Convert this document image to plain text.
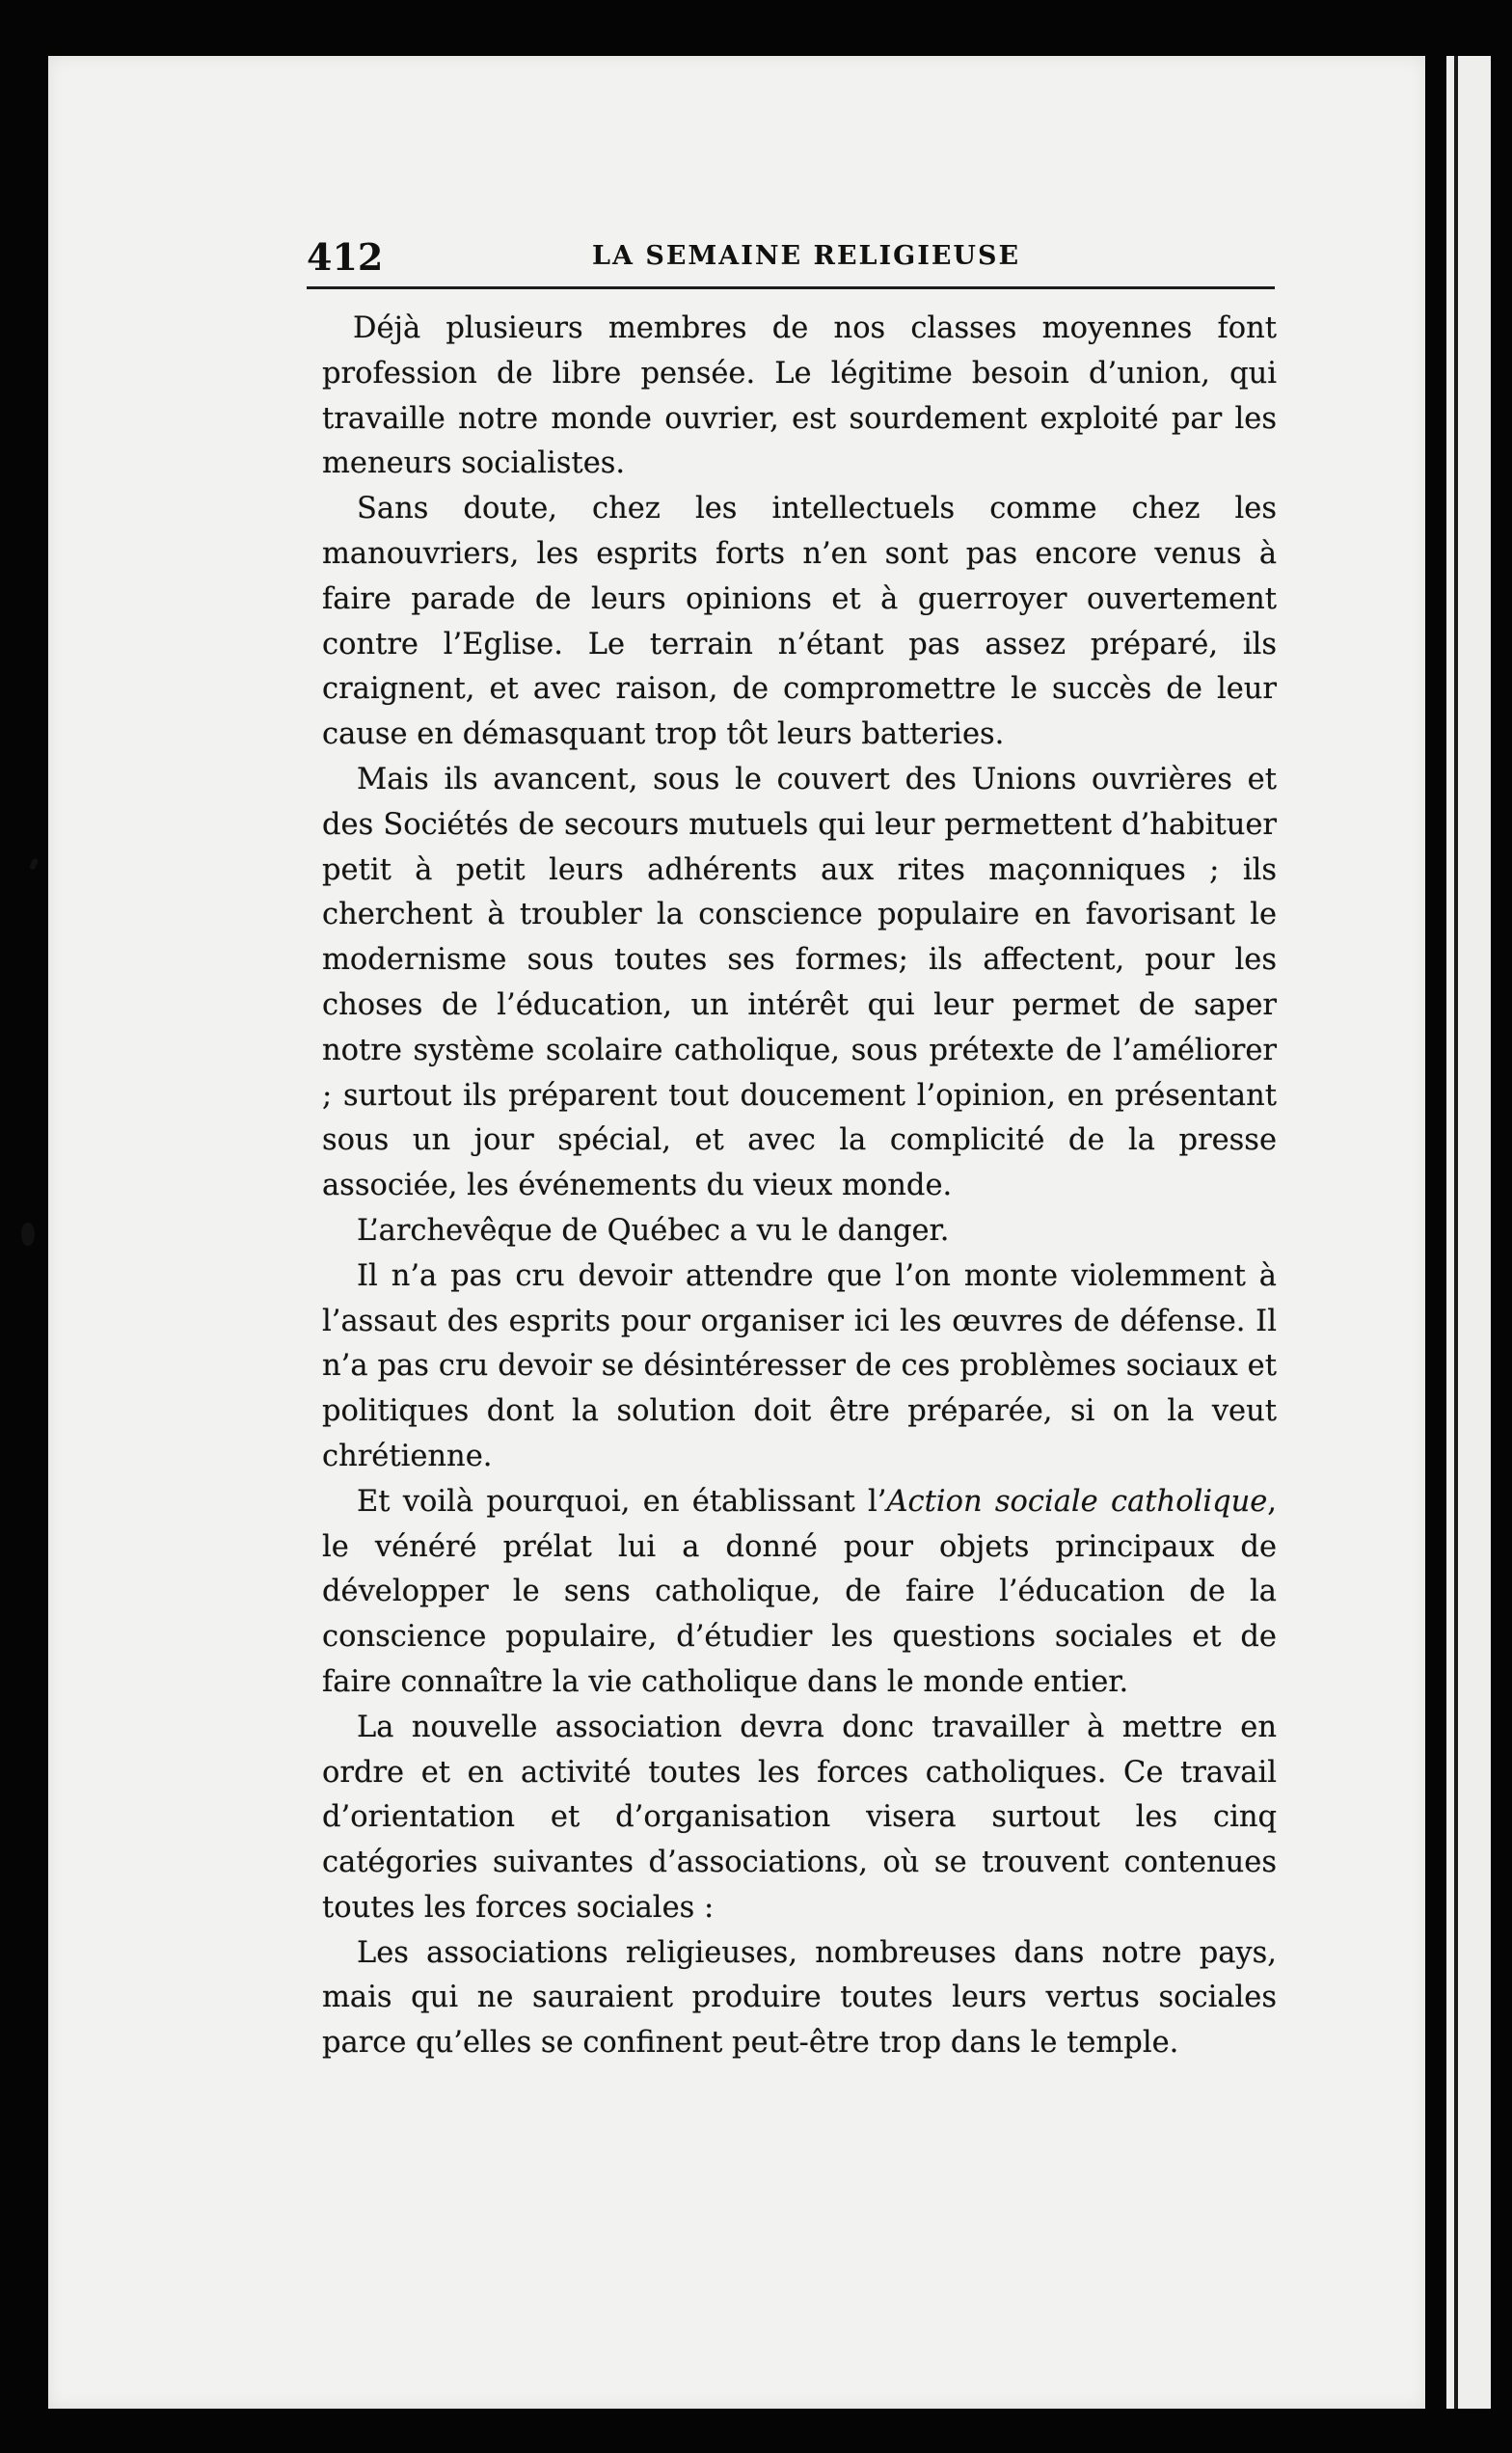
412	LA SEMAINE RELIGIEUSE

Déjà plusieurs membres de nos classes moyennes font profession de libre pensée. Le légitime besoin d’union, qui travaille notre monde ouvrier, est sourdement exploité par les meneurs socialistes.

Sans doute, chez les intellectuels comme chez les manouvriers, les esprits forts n’en sont pas encore venus à faire parade de leurs opinions et à guerroyer ouvertement contre l’Eglise. Le terrain n’étant pas assez préparé, ils craignent, et avec raison, de compromettre le succès de leur cause en démasquant trop tôt leurs batteries.

Mais ils avancent, sous le couvert des Unions ouvrières et des Sociétés de secours mutuels qui leur permettent d’habituer petit à petit leurs adhérents aux rites maçonniques ; ils cherchent à troubler la conscience populaire en favorisant le modernisme sous toutes ses formes; ils affectent, pour les choses de l’éducation, un intérêt qui leur permet de saper notre système scolaire catholique, sous prétexte de l’améliorer ; surtout ils préparent tout doucement l’opinion, en présentant sous un jour spécial, et avec la complicité de la presse associée, les événements du vieux monde.

L’archevêque de Québec a vu le danger.

Il n’a pas cru devoir attendre que l’on monte violemment à l’assaut des esprits pour organiser ici les œuvres de défense. Il n’a pas cru devoir se désintéresser de ces problèmes sociaux et politiques dont la solution doit être préparée, si on la veut chrétienne.

Et voilà pourquoi, en établissant l’Action sociale catholique, le vénéré prélat lui a donné pour objets principaux de développer le sens catholique, de faire l’éducation de la conscience populaire, d’étudier les questions sociales et de faire connaître la vie catholique dans le monde entier.

La nouvelle association devra donc travailler à mettre en ordre et en activité toutes les forces catholiques. Ce travail d’orientation et d’organisation visera surtout les cinq catégories suivantes d’associations, où se trouvent contenues toutes les forces sociales :

Les associations religieuses, nombreuses dans notre pays, mais qui ne sauraient produire toutes leurs vertus sociales parce qu’elles se confinent peut-être trop dans le temple.
